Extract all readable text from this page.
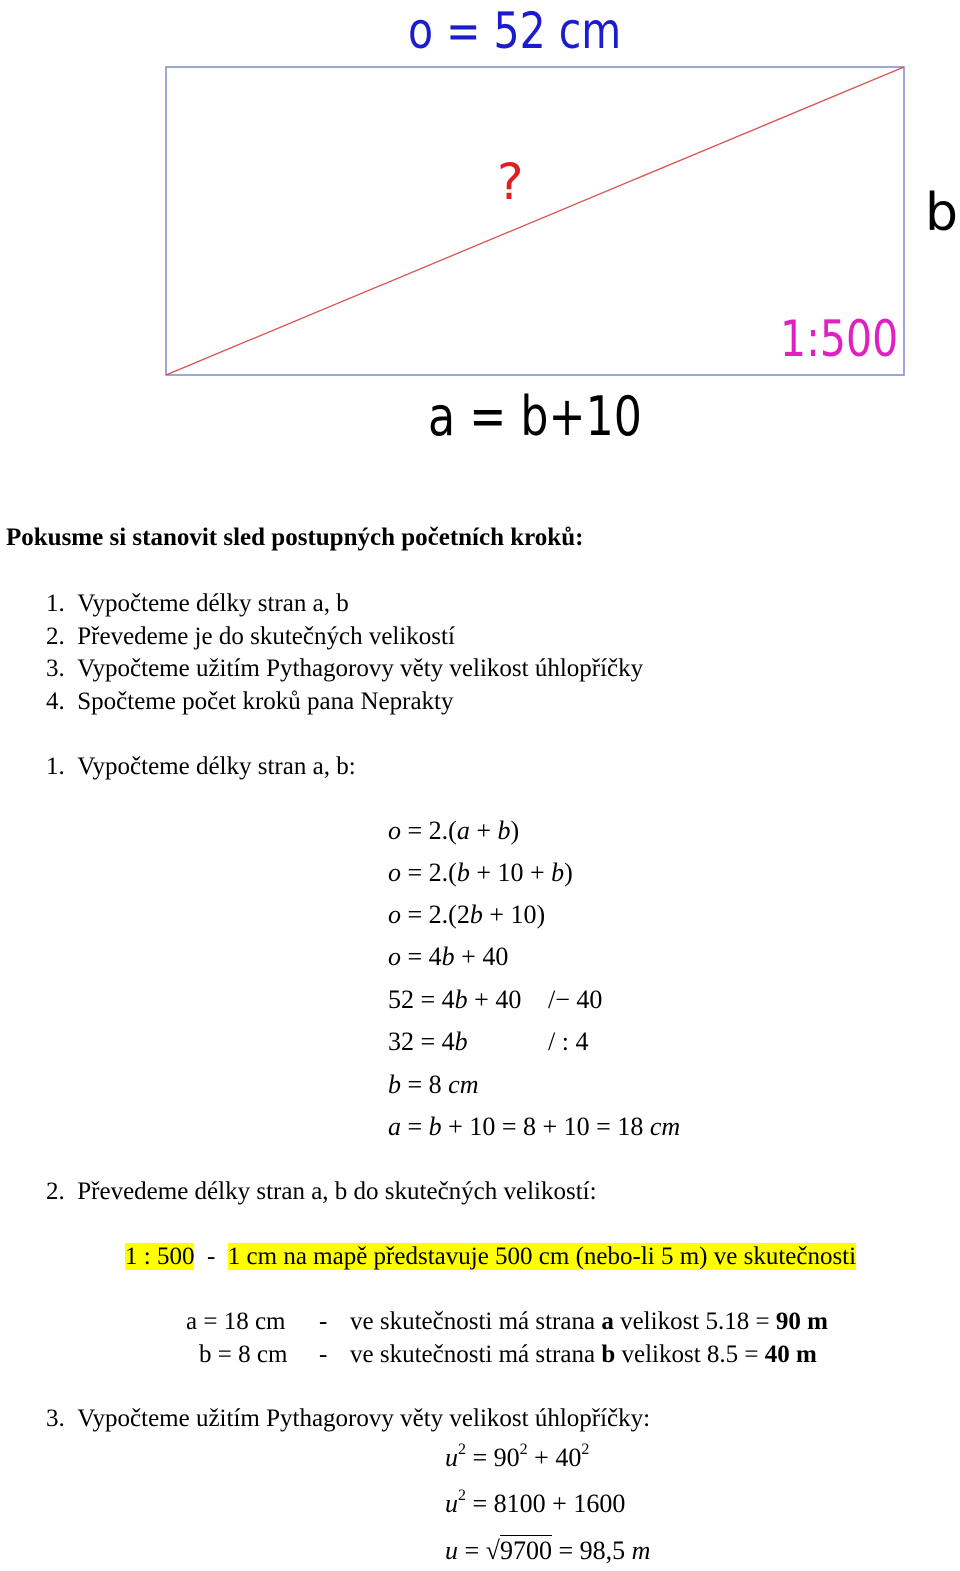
o = 52 cm
?
b
1:500
a = b+10
Pokusme si stanovit sled postupných početních kroků:
1. Vypočteme délky stran a, b
2. Převedeme je do skutečných velikostí
3. Vypočteme užitím Pythagorovy věty velikost úhlopříčky
4. Spočteme počet kroků pana Neprakty
1. Vypočteme délky stran a, b:
o = 2.(a + b)
o = 2.(b + 10 + b)
o = 2.(2b + 10)
o = 4b + 40
52 = 4b + 40 /− 40
32 = 4b	/ : 4
b = 8 cm
a = b + 10 = 8 + 10 = 18 cm
2. Převedeme délky stran a, b do skutečných velikostí:
1 : 500 - 1 cm na mapě představuje 500 cm (nebo-li 5 m) ve skutečnosti
a = 18 cm - ve skutečnosti má strana a velikost 5.18 = 90 m
b = 8 cm - ve skutečnosti má strana b velikost 8.5 = 40 m
3. Vypočteme užitím Pythagorovy věty velikost úhlopříčky:
$u^2 = 90^2 + 40^2$
$u^2 = 8100 + 1600$
u = √9700 = 98,5 m
